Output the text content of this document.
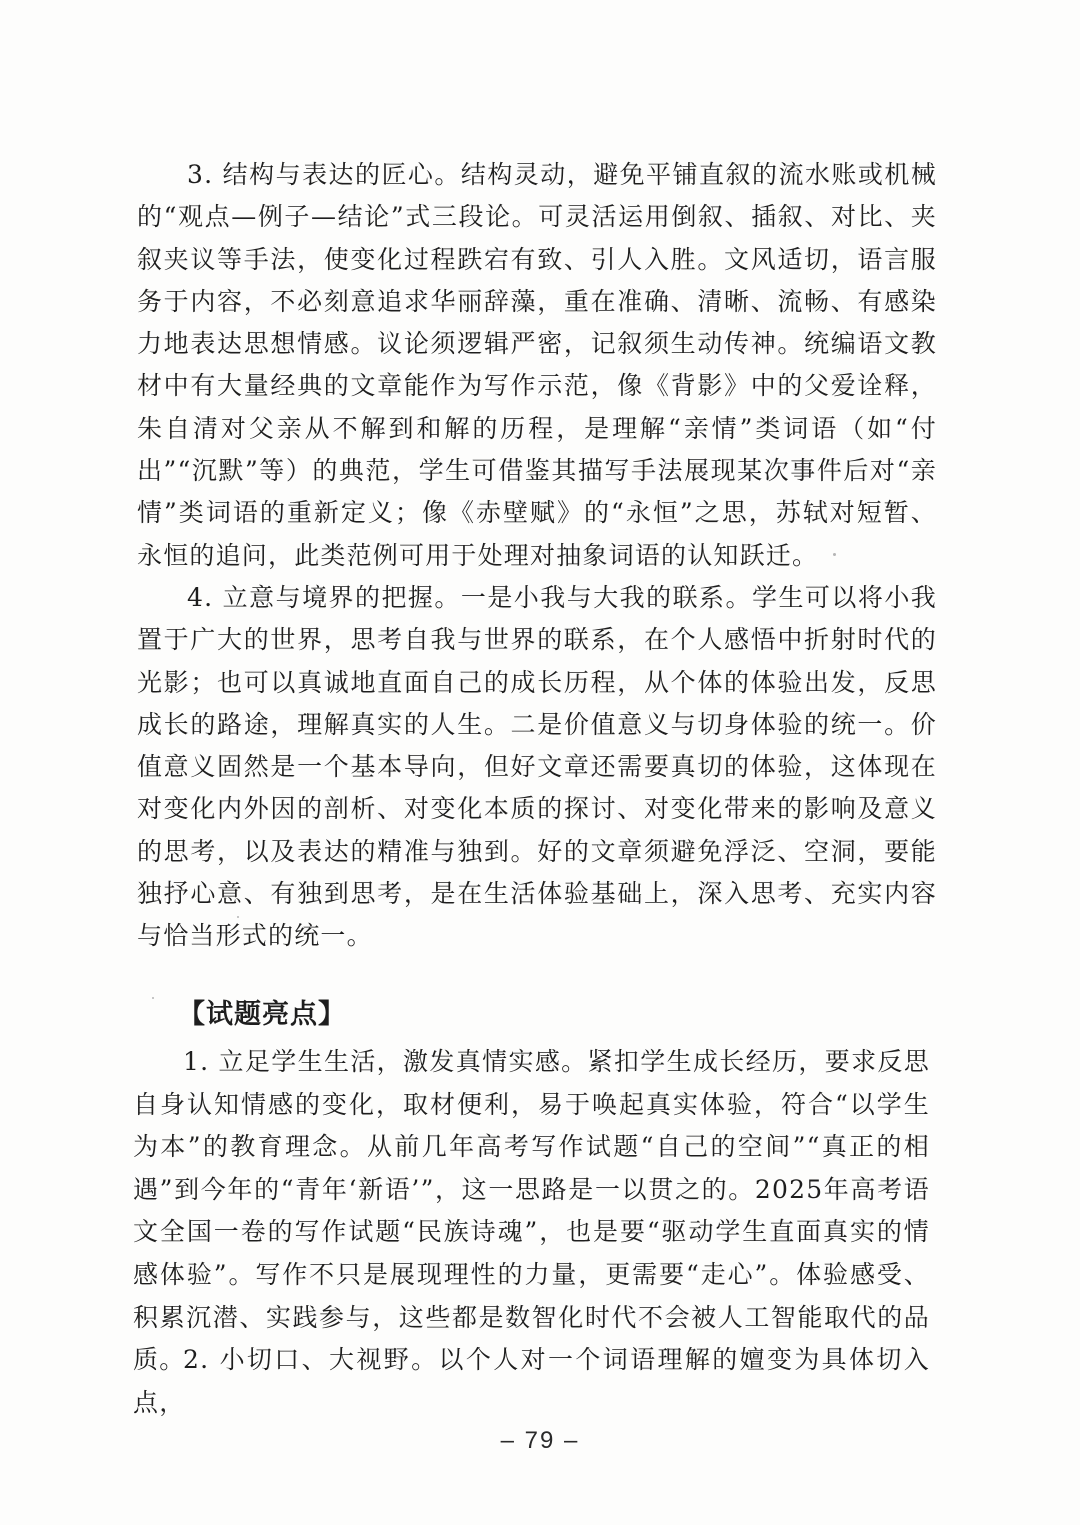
3. 结构与表达的匠心。结构灵动，避免平铺直叙的流水账或机械的“观点—例子—结论”式三段论。可灵活运用倒叙、插叙、对比、夹叙夹议等手法，使变化过程跌宕有致、引人入胜。文风适切，语言服务于内容，不必刻意追求华丽辞藻，重在准确、清晰、流畅、有感染力地表达思想情感。议论须逻辑严密，记叙须生动传神。统编语文教材中有大量经典的文章能作为写作示范，像《背影》中的父爱诠释，朱自清对父亲从不解到和解的历程，是理解“亲情”类词语（如“付出”“沉默”等）的典范，学生可借鉴其描写手法展现某次事件后对“亲情”类词语的重新定义；像《赤壁赋》的“永恒”之思，苏轼对短暂、永恒的追问，此类范例可用于处理对抽象词语的认知跃迁。

4. 立意与境界的把握。一是小我与大我的联系。学生可以将小我置于广大的世界，思考自我与世界的联系，在个人感悟中折射时代的光影；也可以真诚地直面自己的成长历程，从个体的体验出发，反思成长的路途，理解真实的人生。二是价值意义与切身体验的统一。价值意义固然是一个基本导向，但好文章还需要真切的体验，这体现在对变化内外因的剖析、对变化本质的探讨、对变化带来的影响及意义的思考，以及表达的精准与独到。好的文章须避免浮泛、空洞，要能独抒心意、有独到思考，是在生活体验基础上，深入思考、充实内容与恰当形式的统一。

【试题亮点】

1. 立足学生生活，激发真情实感。紧扣学生成长经历，要求反思自身认知情感的变化，取材便利，易于唤起真实体验，符合“以学生为本”的教育理念。从前几年高考写作试题“自己的空间”“真正的相遇”到今年的“青年‘新语’”，这一思路是一以贯之的。2025年高考语文全国一卷的写作试题“民族诗魂”，也是要“驱动学生直面真实的情感体验”。写作不只是展现理性的力量，更需要“走心”。体验感受、积累沉潜、实践参与，这些都是数智化时代不会被人工智能取代的品质。

2. 小切口、大视野。以个人对一个词语理解的嬗变为具体切入点，

– 79 –
